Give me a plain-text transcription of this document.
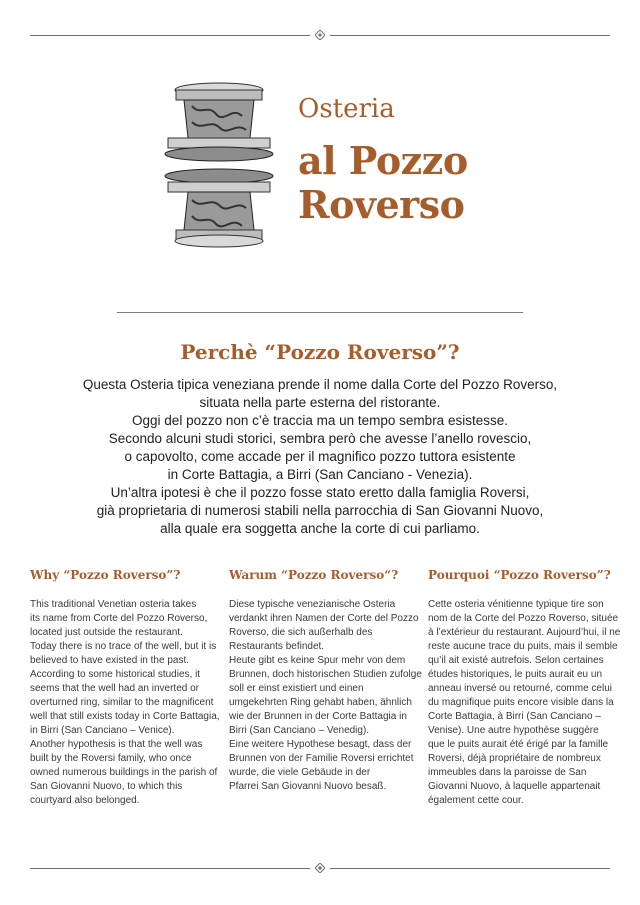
Osteria
al Pozzo
Roverso
Perchè “Pozzo Roverso”?
Questa Osteria tipica veneziana prende il nome dalla Corte del Pozzo Roverso,
situata nella parte esterna del ristorante.
Oggi del pozzo non c’è traccia ma un tempo sembra esistesse.
Secondo alcuni studi storici, sembra però che avesse l’anello rovescio,
o capovolto, come accade per il magnifico pozzo tuttora esistente
in Corte Battagia, a Birri (San Canciano - Venezia).
Un’altra ipotesi è che il pozzo fosse stato eretto dalla famiglia Roversi,
già proprietaria di numerosi stabili nella parrocchia di San Giovanni Nuovo,
alla quale era soggetta anche la corte di cui parliamo.
Why “Pozzo Roverso”?
This traditional Venetian osteria takes
its name from Corte del Pozzo Roverso,
located just outside the restaurant.
Today there is no trace of the well, but it is
believed to have existed in the past.
According to some historical studies, it
seems that the well had an inverted or
overturned ring, similar to the magnificent
well that still exists today in Corte Battagia,
in Birri (San Canciano – Venice).
Another hypothesis is that the well was
built by the Roversi family, who once
owned numerous buildings in the parish of
San Giovanni Nuovo, to which this
courtyard also belonged.
Warum “Pozzo Roverso“?
Diese typische venezianische Osteria
verdankt ihren Namen der Corte del Pozzo
Roverso, die sich außerhalb des
Restaurants befindet.
Heute gibt es keine Spur mehr von dem
Brunnen, doch historischen Studien zufolge
soll er einst existiert und einen
umgekehrten Ring gehabt haben, ähnlich
wie der Brunnen in der Corte Battagia in
Birri (San Canciano – Venedig).
Eine weitere Hypothese besagt, dass der
Brunnen von der Familie Roversi errichtet
wurde, die viele Gebäude in der
Pfarrei San Giovanni Nuovo besaß.
Pourquoi “Pozzo Roverso”?
Cette osteria vénitienne typique tire son
nom de la Corte del Pozzo Roverso, située
à l’extérieur du restaurant. Aujourd’hui, il ne
reste aucune trace du puits, mais il semble
qu’il ait existé autrefois. Selon certaines
études historiques, le puits aurait eu un
anneau inversé ou retourné, comme celui
du magnifique puits encore visible dans la
Corte Battagia, à Birri (San Canciano –
Venise). Une autre hypothèse suggère
que le puits aurait été érigé par la famille
Roversi, déjà propriétaire de nombreux
immeubles dans la paroisse de San
Giovanni Nuovo, à laquelle appartenait
également cette cour.
